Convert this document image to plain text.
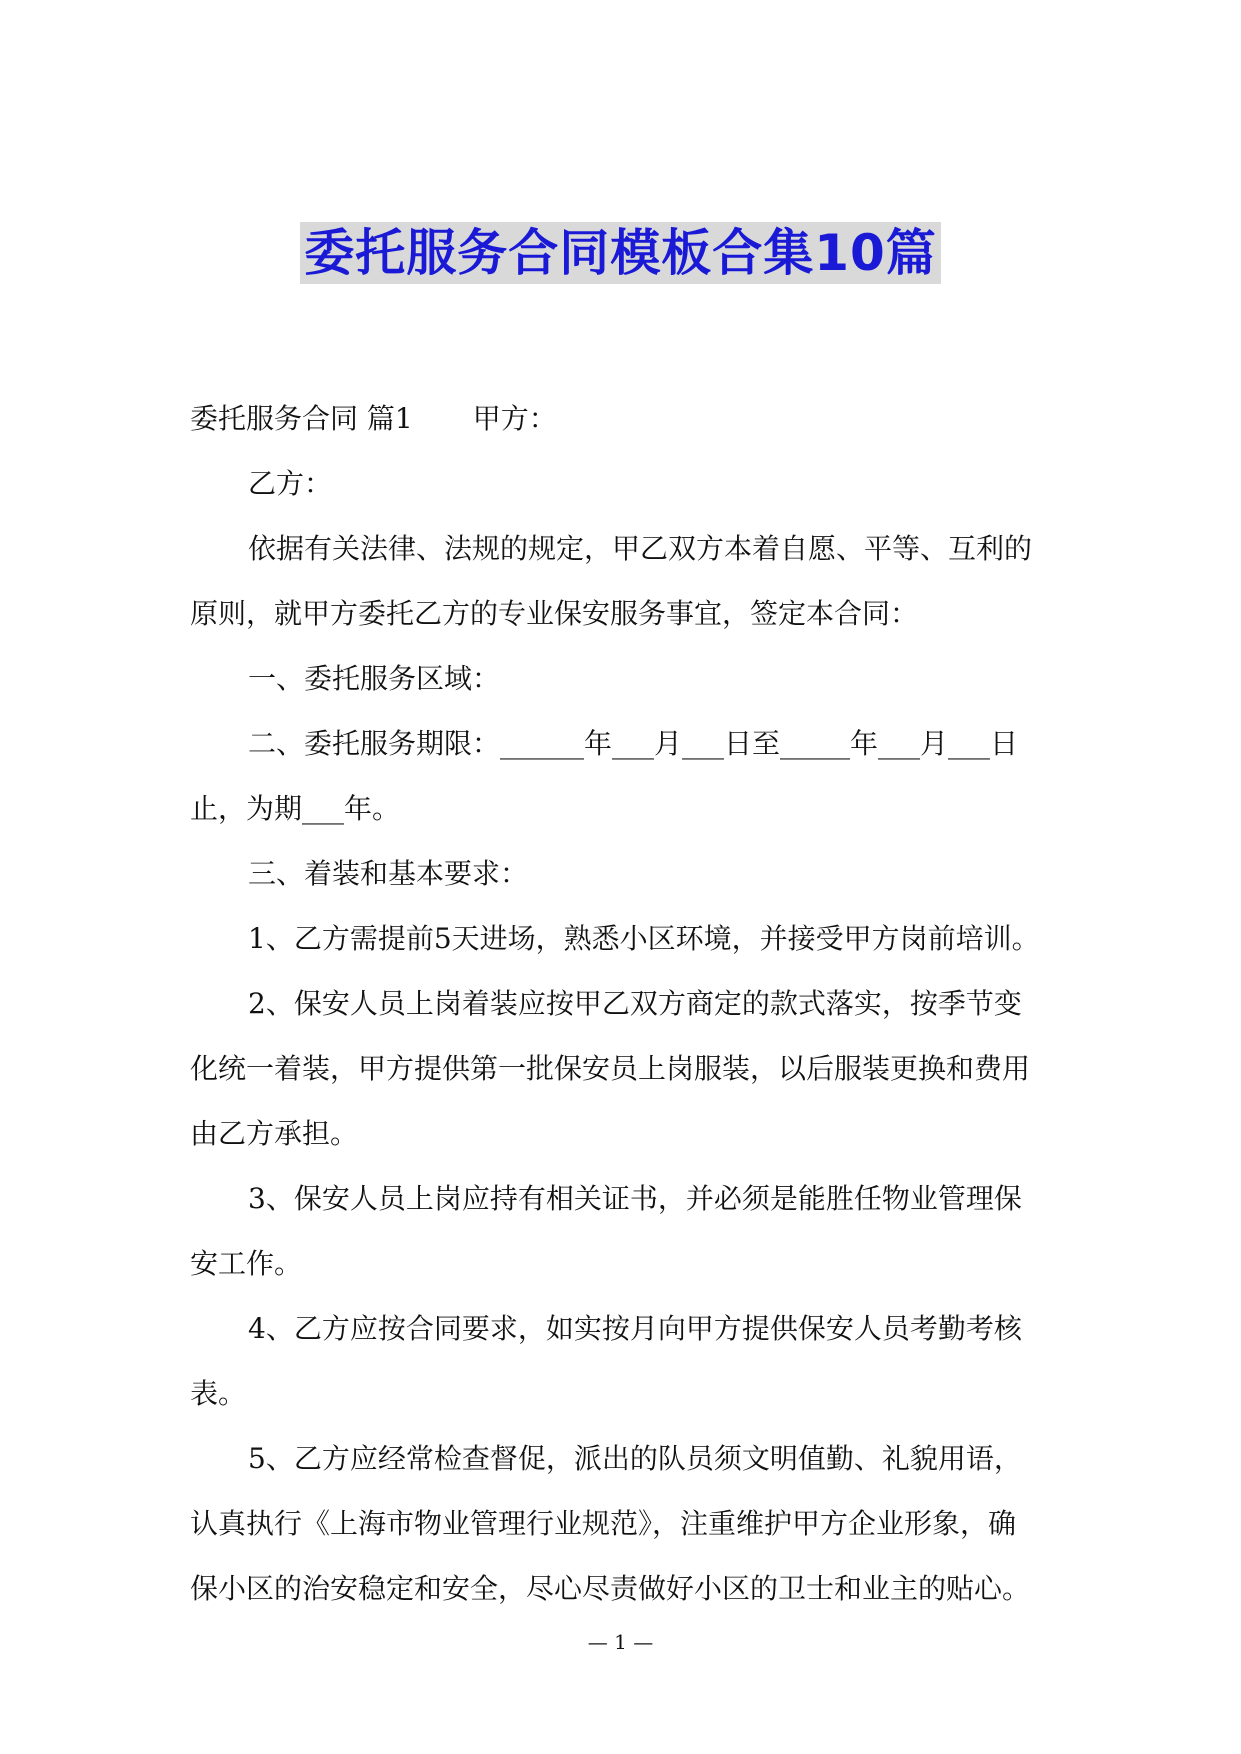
委托服务合同模板合集10篇
委托服务合同 篇1 甲方：
乙方：
依据有关法律、法规的规定，甲乙双方本着自愿、平等、互利的
原则，就甲方委托乙方的专业保安服务事宜，签定本合同：
一、委托服务区域：
二、委托服务期限：______年___月___日至_____年___月___日
止，为期___年。
三、着装和基本要求：
1、乙方需提前5天进场，熟悉小区环境，并接受甲方岗前培训。
2、保安人员上岗着装应按甲乙双方商定的款式落实，按季节变
化统一着装，甲方提供第一批保安员上岗服装，以后服装更换和费用
由乙方承担。
3、保安人员上岗应持有相关证书，并必须是能胜任物业管理保
安工作。
4、乙方应按合同要求，如实按月向甲方提供保安人员考勤考核
表。
5、乙方应经常检查督促，派出的队员须文明值勤、礼貌用语，
认真执行《上海市物业管理行业规范》，注重维护甲方企业形象，确
保小区的治安稳定和安全，尽心尽责做好小区的卫士和业主的贴心。
— 1 —
